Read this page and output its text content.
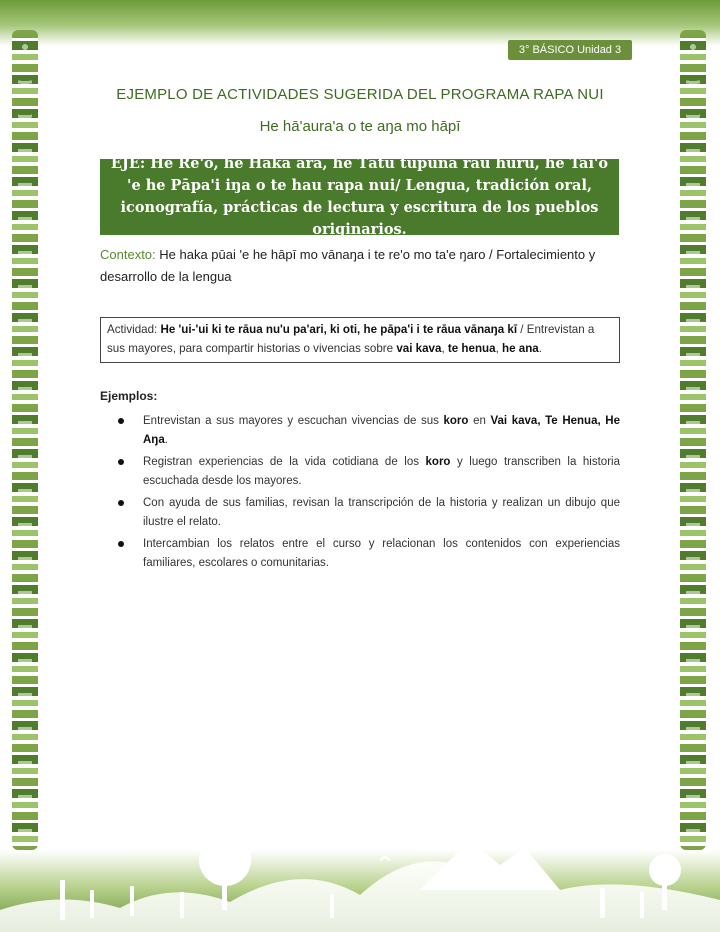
3° BÁSICO Unidad 3
EJEMPLO DE ACTIVIDADES SUGERIDA DEL PROGRAMA RAPA NUI
He hā'aura'a o te aŋa mo hāpī
EJE: He Re'o, he Haka ara, he Tātū tupuna rau huru, he Tai'o 'e he Pāpa'i iŋa o te hau rapa nui/ Lengua, tradición oral, iconografía, prácticas de lectura y escritura de los pueblos originarios.
Contexto: He haka pūai 'e he hāpī mo vānaŋa i te re'o mo ta'e ŋaro / Fortalecimiento y desarrollo de la lengua
Actividad: He 'ui-'ui ki te rāua nu'u pa'ari, ki oti, he pāpa'i i te rāua vānaŋa kī / Entrevistan a sus mayores, para compartir historias o vivencias sobre vai kava, te henua, he ana.
Ejemplos:
Entrevistan a sus mayores y escuchan vivencias de sus koro en Vai kava, Te Henua, He Aŋa.
Registran experiencias de la vida cotidiana de los koro y luego transcriben la historia escuchada desde los mayores.
Con ayuda de sus familias, revisan la transcripción de la historia y realizan un dibujo que ilustre el relato.
Intercambian los relatos entre el curso y relacionan los contenidos con experiencias familiares, escolares o comunitarias.
